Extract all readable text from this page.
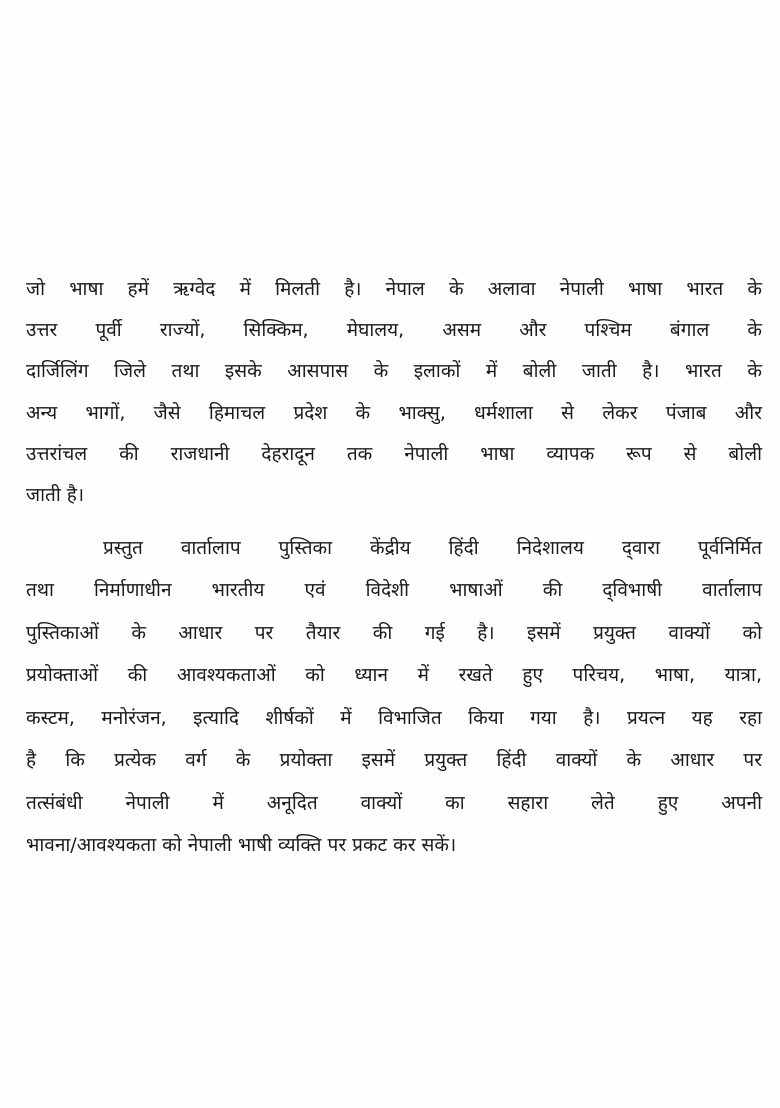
जो भाषा हमें ऋग्वेद में मिलती है। नेपाल के अलावा नेपाली भाषा भारत के
उत्तर पूर्वी राज्यों, सिक्किम, मेघालय, असम और पश्चिम बंगाल के
दार्जिलिंग जिले तथा इसके आसपास के इलाकों में बोली जाती है। भारत के
अन्य भागों, जैसे हिमाचल प्रदेश के भाक्सु, धर्मशाला से लेकर पंजाब और
उत्तरांचल की राजधानी देहरादून तक नेपाली भाषा व्यापक रूप से बोली
जाती है।
प्रस्तुत वार्तालाप पुस्तिका केंद्रीय हिंदी निदेशालय द्‌वारा पूर्वनिर्मित
तथा निर्माणाधीन भारतीय एवं विदेशी भाषाओं की द्‌विभाषी वार्तालाप
पुस्तिकाओं के आधार पर तैयार की गई है। इसमें प्रयुक्त वाक्यों को
प्रयोक्ताओं की आवश्यकताओं को ध्यान में रखते हुए परिचय, भाषा, यात्रा,
कस्टम, मनोरंजन, इत्यादि शीर्षकों में विभाजित किया गया है। प्रयत्न यह रहा
है कि प्रत्येक वर्ग के प्रयोक्ता इसमें प्रयुक्त हिंदी वाक्यों के आधार पर
तत्संबंधी नेपाली में अनूदित वाक्यों का सहारा लेते हुए अपनी
भावना/आवश्यकता को नेपाली भाषी व्यक्ति पर प्रकट कर सकें।
